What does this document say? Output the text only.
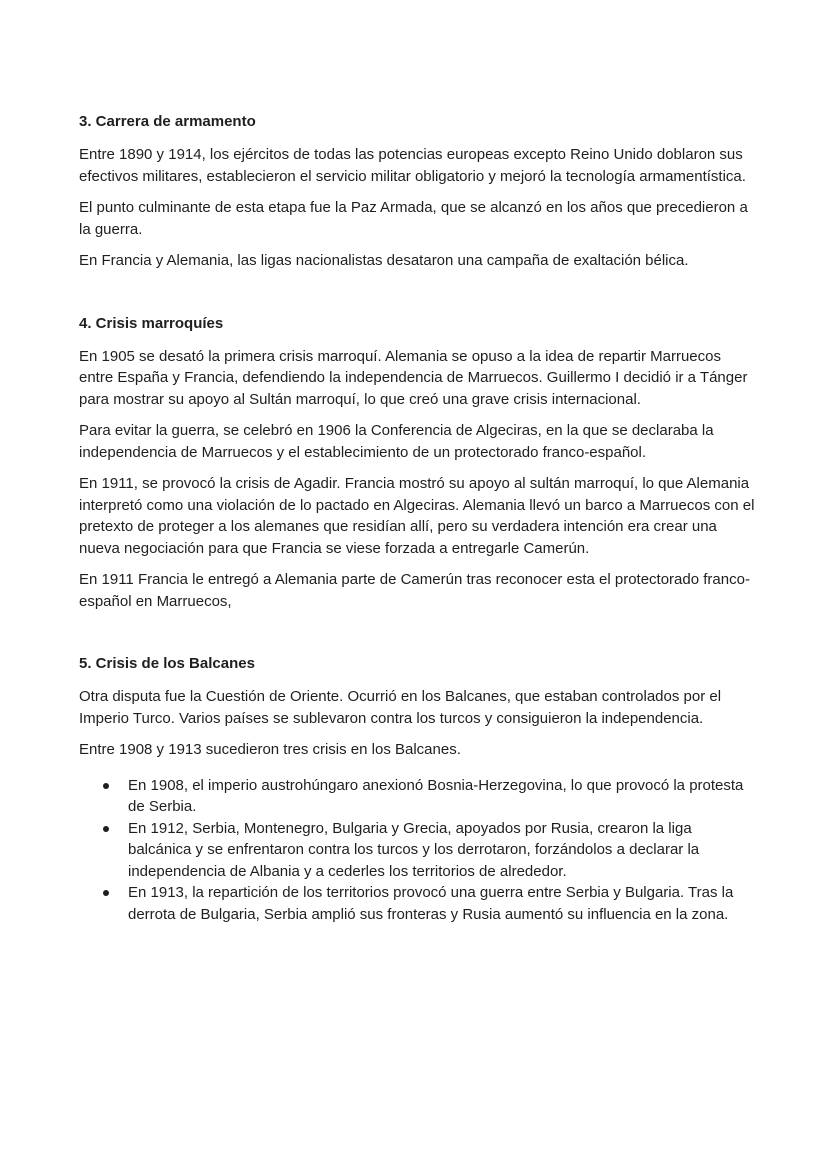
3. Carrera de armamento

Entre 1890 y 1914, los ejércitos de todas las potencias europeas excepto Reino Unido doblaron sus efectivos militares, establecieron el servicio militar obligatorio y mejoró la tecnología armamentística.

El punto culminante de esta etapa fue la Paz Armada, que se alcanzó en los años que precedieron a la guerra.

En Francia y Alemania, las ligas nacionalistas desataron una campaña de exaltación bélica.

4. Crisis marroquíes

En 1905 se desató la primera crisis marroquí. Alemania se opuso a la idea de repartir Marruecos entre España y Francia, defendiendo la independencia de Marruecos. Guillermo I decidió ir a Tánger para mostrar su apoyo al Sultán marroquí, lo que creó una grave crisis internacional.

Para evitar la guerra, se celebró en 1906 la Conferencia de Algeciras, en la que se declaraba la independencia de Marruecos y el establecimiento de un protectorado franco-español.

En 1911, se provocó la crisis de Agadir. Francia mostró su apoyo al sultán marroquí, lo que Alemania interpretó como una violación de lo pactado en Algeciras. Alemania llevó un barco a Marruecos con el pretexto de proteger a los alemanes que residían allí, pero su verdadera intención era crear una nueva negociación para que Francia se viese forzada a entregarle Camerún.

En 1911 Francia le entregó a Alemania parte de Camerún tras reconocer esta el protectorado franco-español en Marruecos,

5. Crisis de los Balcanes

Otra disputa fue la Cuestión de Oriente. Ocurrió en los Balcanes, que estaban controlados por el Imperio Turco. Varios países se sublevaron contra los turcos y consiguieron la independencia.

Entre 1908 y 1913 sucedieron tres crisis en los Balcanes.

En 1908, el imperio austrohúngaro anexionó Bosnia-Herzegovina, lo que provocó la protesta de Serbia.
En 1912, Serbia, Montenegro, Bulgaria y Grecia, apoyados por Rusia, crearon la liga balcánica y se enfrentaron contra los turcos y los derrotaron, forzándolos a declarar la independencia de Albania y a cederles los territorios de alrededor.
En 1913, la repartición de los territorios provocó una guerra entre Serbia y Bulgaria. Tras la derrota de Bulgaria, Serbia amplió sus fronteras y Rusia aumentó su influencia en la zona.
